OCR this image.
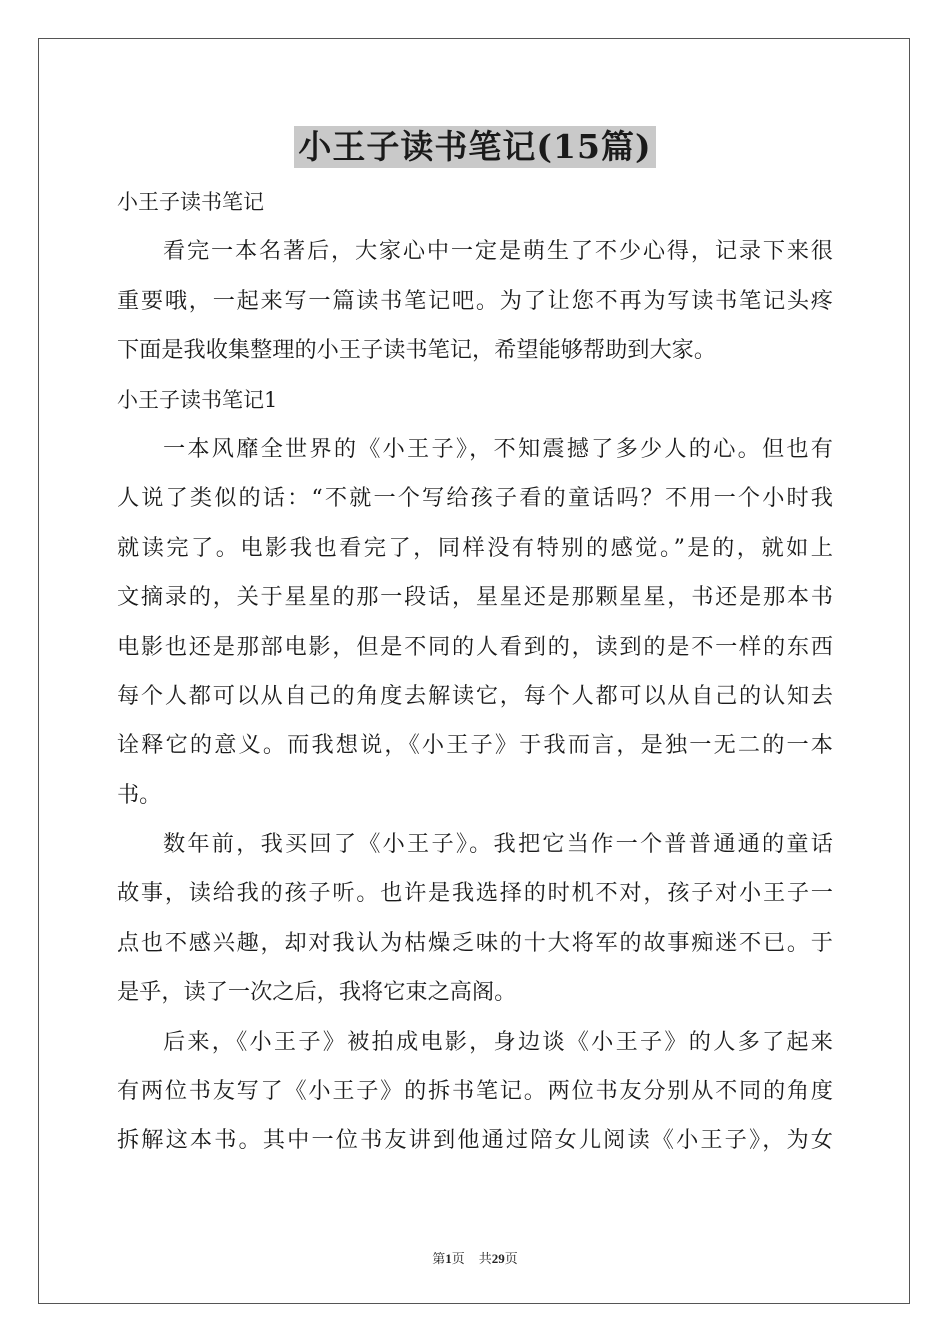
小王子读书笔记(15篇)
小王子读书笔记
看完一本名著后，大家心中一定是萌生了不少心得，记录下来很
重要哦，一起来写一篇读书笔记吧。为了让您不再为写读书笔记头疼
下面是我收集整理的小王子读书笔记，希望能够帮助到大家。
小王子读书笔记1
一本风靡全世界的《小王子》，不知震撼了多少人的心。但也有
人说了类似的话：“不就一个写给孩子看的童话吗？不用一个小时我
就读完了。电影我也看完了，同样没有特别的感觉。”是的，就如上
文摘录的，关于星星的那一段话，星星还是那颗星星，书还是那本书
电影也还是那部电影，但是不同的人看到的，读到的是不一样的东西
每个人都可以从自己的角度去解读它，每个人都可以从自己的认知去
诠释它的意义。而我想说，《小王子》于我而言，是独一无二的一本
书。
数年前，我买回了《小王子》。我把它当作一个普普通通的童话
故事，读给我的孩子听。也许是我选择的时机不对，孩子对小王子一
点也不感兴趣，却对我认为枯燥乏味的十大将军的故事痴迷不已。于
是乎，读了一次之后，我将它束之高阁。
后来，《小王子》被拍成电影，身边谈《小王子》的人多了起来
有两位书友写了《小王子》的拆书笔记。两位书友分别从不同的角度
拆解这本书。其中一位书友讲到他通过陪女儿阅读《小王子》，为女
第1页 共29页
